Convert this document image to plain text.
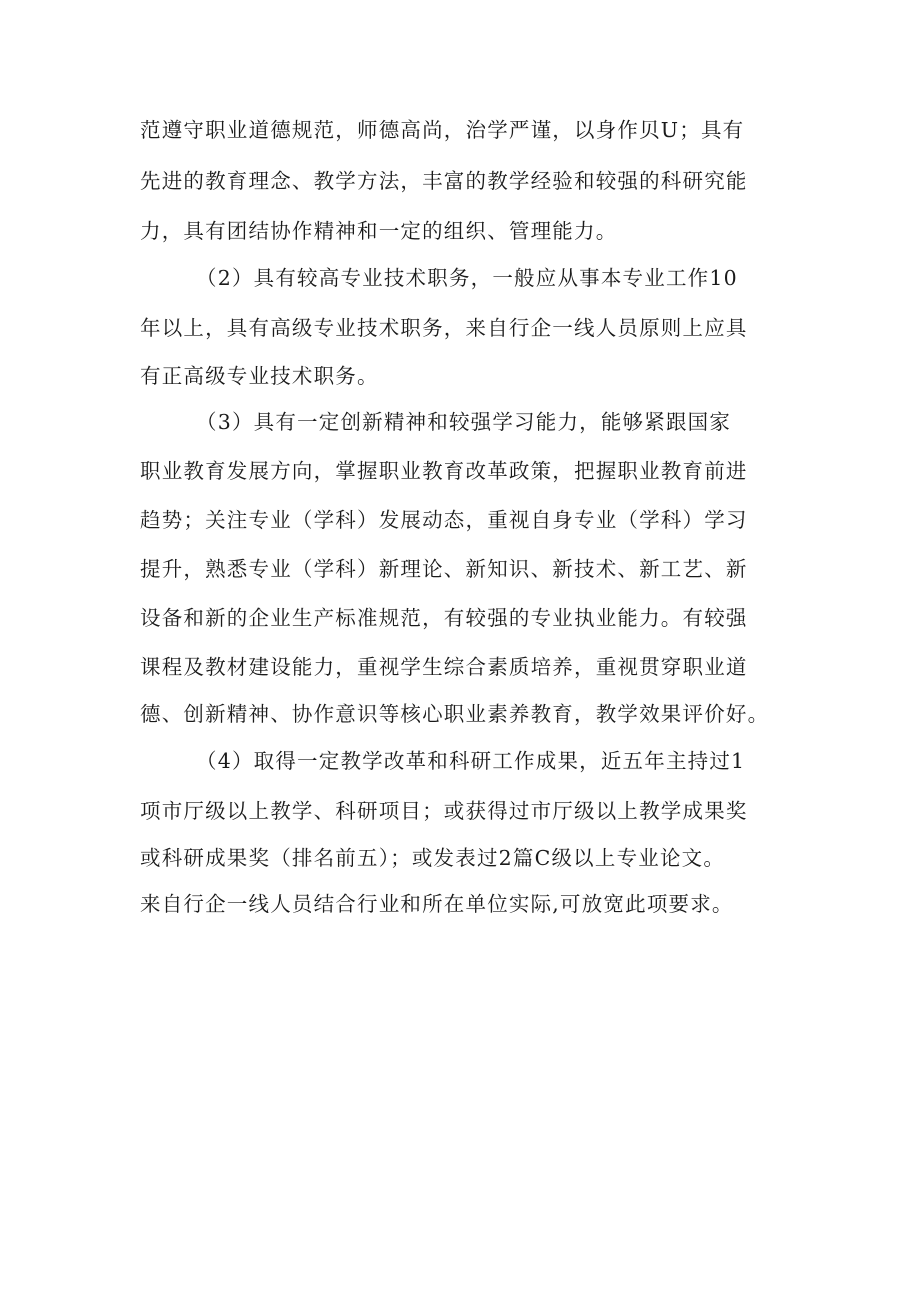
范遵守职业道德规范，师德高尚，治学严谨，以身作贝U；具有
先进的教育理念、教学方法，丰富的教学经验和较强的科研究能
力，具有团结协作精神和一定的组织、管理能力。
（2）具有较高专业技术职务，一般应从事本专业工作10
年以上，具有高级专业技术职务，来自行企一线人员原则上应具
有正高级专业技术职务。
（3）具有一定创新精神和较强学习能力，能够紧跟国家
职业教育发展方向，掌握职业教育改革政策，把握职业教育前进
趋势；关注专业（学科）发展动态，重视自身专业（学科）学习
提升，熟悉专业（学科）新理论、新知识、新技术、新工艺、新
设备和新的企业生产标准规范，有较强的专业执业能力。有较强
课程及教材建设能力，重视学生综合素质培养，重视贯穿职业道
德、创新精神、协作意识等核心职业素养教育，教学效果评价好。
（4）取得一定教学改革和科研工作成果，近五年主持过1
项市厅级以上教学、科研项目；或获得过市厅级以上教学成果奖
或科研成果奖（排名前五）；或发表过2篇C级以上专业论文。
来自行企一线人员结合行业和所在单位实际,可放宽此项要求。
